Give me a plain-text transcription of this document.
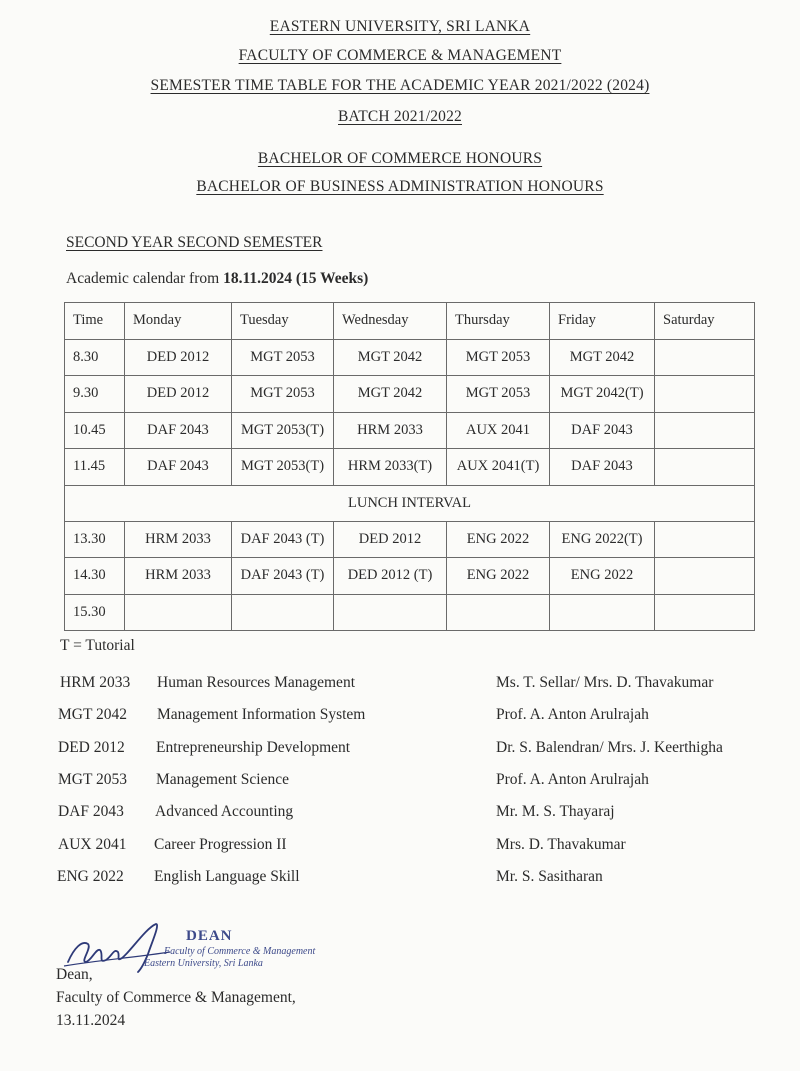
EASTERN UNIVERSITY, SRI LANKA
FACULTY OF COMMERCE & MANAGEMENT
SEMESTER TIME TABLE FOR THE ACADEMIC YEAR 2021/2022 (2024)
BATCH 2021/2022
BACHELOR OF COMMERCE HONOURS
BACHELOR OF BUSINESS ADMINISTRATION HONOURS
SECOND YEAR SECOND SEMESTER
Academic calendar from 18.11.2024 (15 Weeks)
Time	Monday	Tuesday	Wednesday	Thursday	Friday	Saturday
8.30	DED 2012	MGT 2053	MGT 2042	MGT 2053	MGT 2042	
9.30	DED 2012	MGT 2053	MGT 2042	MGT 2053	MGT 2042(T)	
10.45	DAF 2043	MGT 2053(T)	HRM 2033	AUX 2041	DAF 2043	
11.45	DAF 2043	MGT 2053(T)	HRM 2033(T)	AUX 2041(T)	DAF 2043	
LUNCH INTERVAL						
13.30	HRM 2033	DAF 2043 (T)	DED 2012	ENG 2022	ENG 2022(T)	
14.30	HRM 2033	DAF 2043 (T)	DED 2012 (T)	ENG 2022	ENG 2022	
15.30						
T = Tutorial
HRM 2033 Human Resources Management	Ms. T. Sellar/ Mrs. D. Thavakumar
MGT 2042 Management Information System	Prof. A. Anton Arulrajah
DED 2012 Entrepreneurship Development	Dr. S. Balendran/ Mrs. J. Keerthigha
MGT 2053 Management Science	Prof. A. Anton Arulrajah
DAF 2043 Advanced Accounting	Mr. M. S. Thayaraj
AUX 2041 Career Progression II	Mrs. D. Thavakumar
ENG 2022 English Language Skill	Mr. S. Sasitharan
DEAN
Faculty of Commerce & Management
Eastern University, Sri Lanka
Dean,
Faculty of Commerce & Management,
13.11.2024
